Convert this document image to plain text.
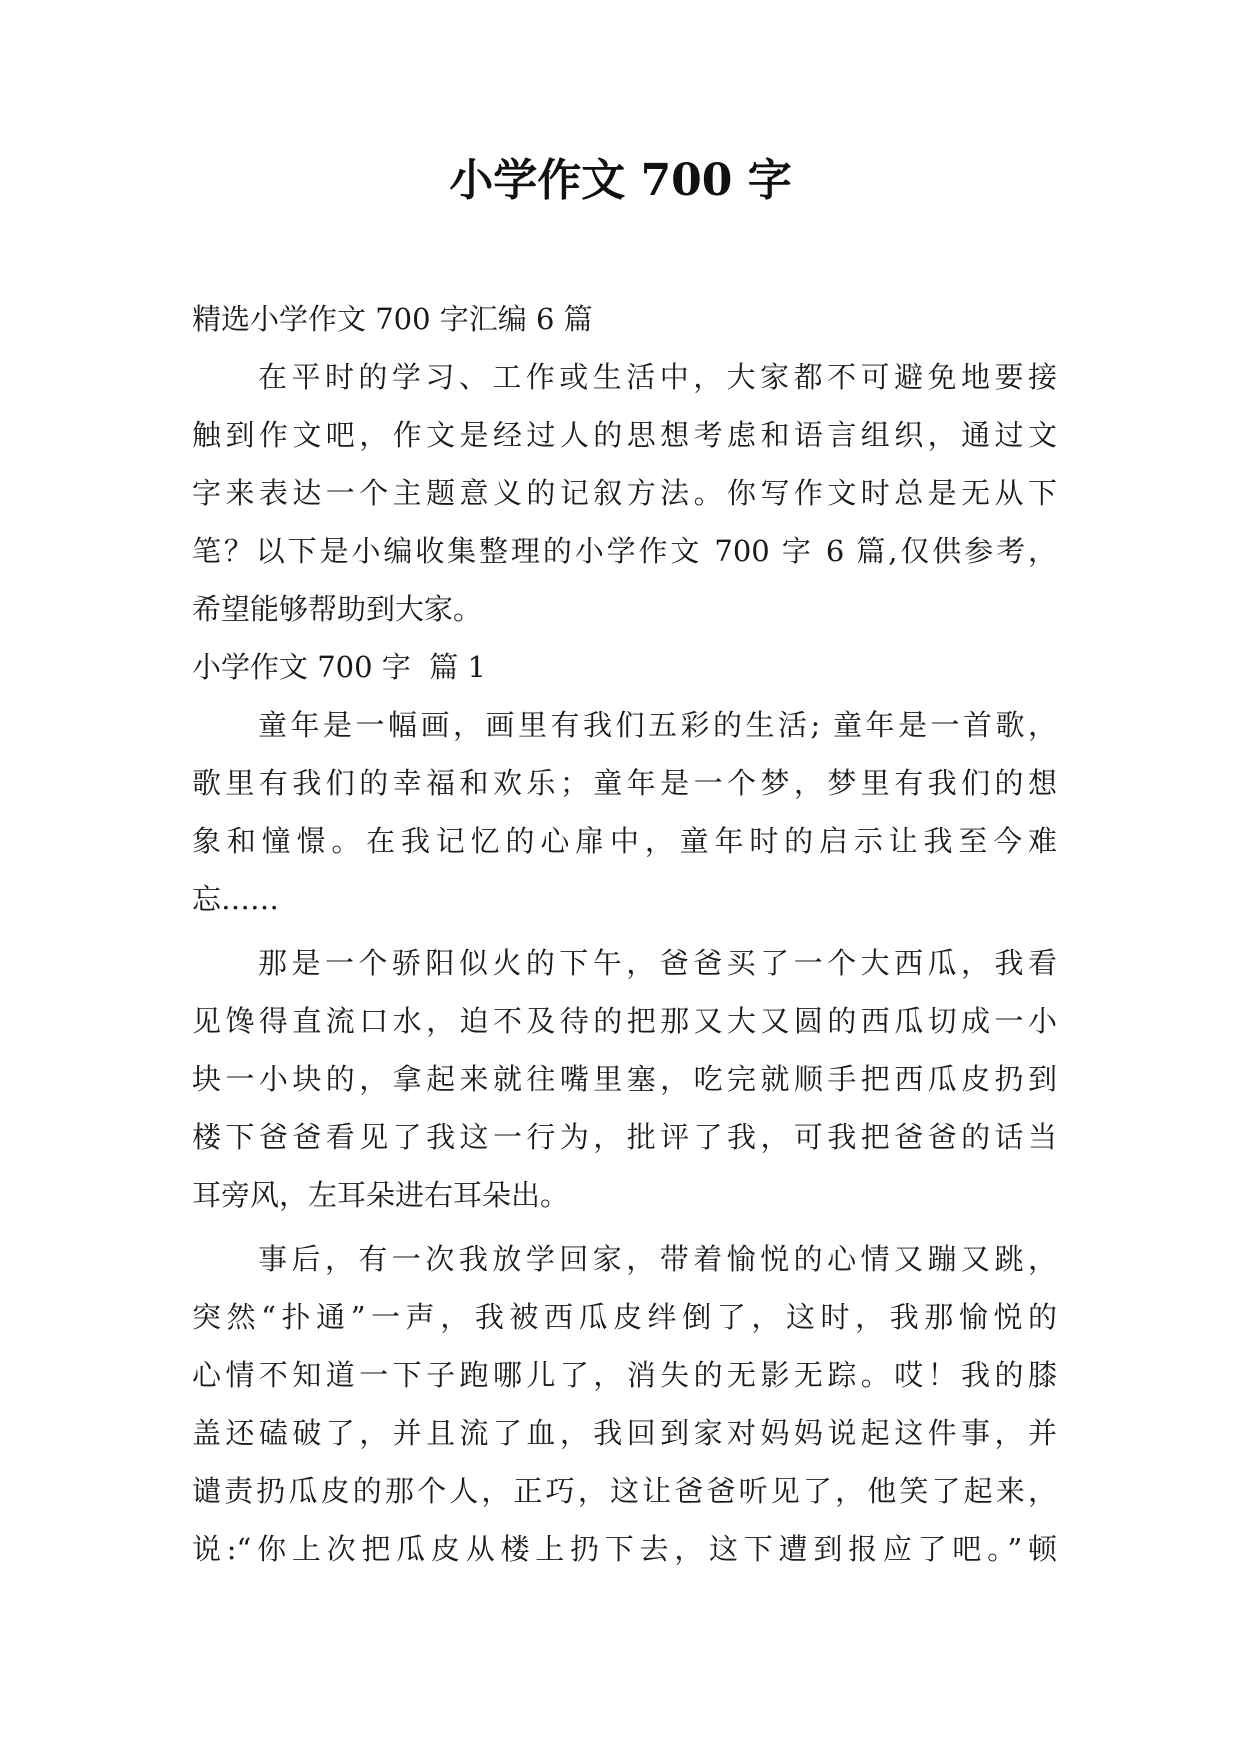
小学作文 700 字

精选小学作文 700 字汇编 6 篇

在平时的学习、工作或生活中，大家都不可避免地要接
触到作文吧，作文是经过人的思想考虑和语言组织，通过文
字来表达一个主题意义的记叙方法。你写作文时总是无从下
笔？以下是小编收集整理的小学作文 700 字 6 篇,仅供参考，
希望能够帮助到大家。

小学作文 700 字  篇 1

童年是一幅画，画里有我们五彩的生活; 童年是一首歌，
歌里有我们的幸福和欢乐；童年是一个梦，梦里有我们的想
象和憧憬。在我记忆的心扉中，童年时的启示让我至今难
忘……

那是一个骄阳似火的下午，爸爸买了一个大西瓜，我看
见馋得直流口水，迫不及待的把那又大又圆的西瓜切成一小
块一小块的，拿起来就往嘴里塞，吃完就顺手把西瓜皮扔到
楼下爸爸看见了我这一行为，批评了我，可我把爸爸的话当
耳旁风，左耳朵进右耳朵出。

事后，有一次我放学回家，带着愉悦的心情又蹦又跳，
突然“扑通”一声，我被西瓜皮绊倒了，这时，我那愉悦的
心情不知道一下子跑哪儿了，消失的无影无踪。哎！我的膝
盖还磕破了，并且流了血，我回到家对妈妈说起这件事，并
谴责扔瓜皮的那个人，正巧，这让爸爸听见了，他笑了起来，
说:“你上次把瓜皮从楼上扔下去，这下遭到报应了吧。”顿
